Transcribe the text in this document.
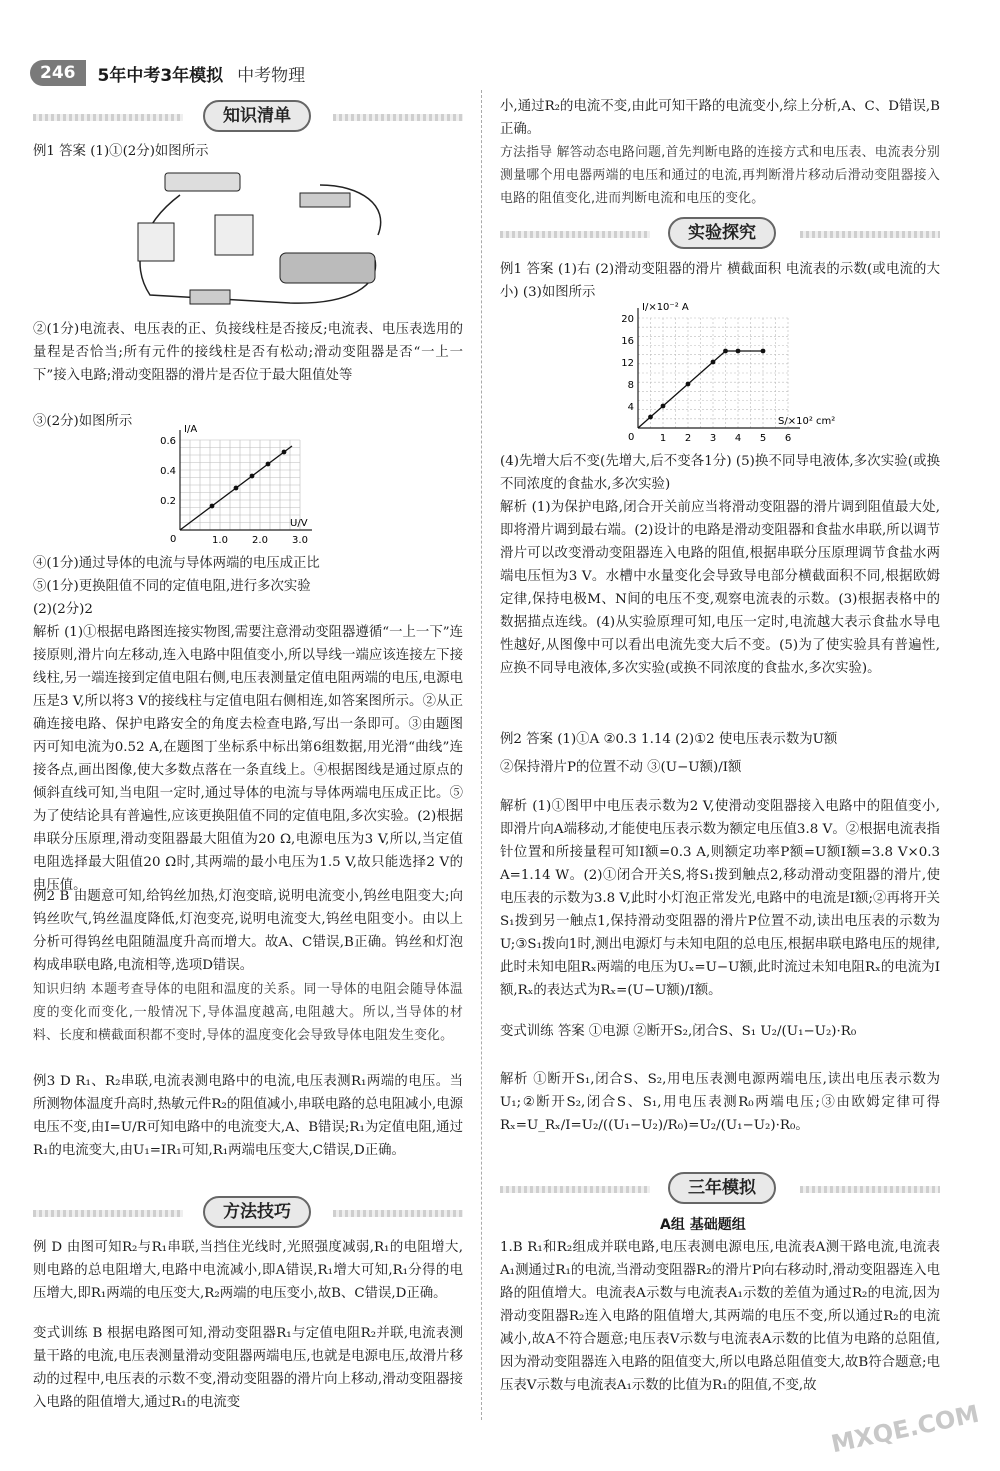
246	5年中考3年模拟 中考物理
知识清单

例1 答案 (1)①(2分)如图所示

②(1分)电流表、电压表的正、负接线柱是否接反;电流表、电压表选用的量程是否恰当;所有元件的接线柱是否有松动;滑动变阻器是否“一上一下”接入电路;滑动变阻器的滑片是否位于最大阻值处等

③(2分)如图所示

I/A
U/V
0
0.2
0.4
0.6
1.0 2.0 3.0

④(1分)通过导体的电流与导体两端的电压成正比

⑤(1分)更换阻值不同的定值电阻,进行多次实验

(2)(2分)2

解析 (1)①根据电路图连接实物图,需要注意滑动变阻器遵循“一上一下”连接原则,滑片向左移动,连入电路中阻值变小,所以导线一端应该连接左下接线柱,另一端连接到定值电阻右侧,电压表测量定值电阻两端的电压,电源电压是3 V,所以将3 V的接线柱与定值电阻右侧相连,如答案图所示。②从正确连接电路、保护电路安全的角度去检查电路,写出一条即可。③由题图丙可知电流为0.52 A,在题图丁坐标系中标出第6组数据,用光滑“曲线”连接各点,画出图像,使大多数点落在一条直线上。④根据图线是通过原点的倾斜直线可知,当电阻一定时,通过导体的电流与导体两端电压成正比。⑤为了使结论具有普遍性,应该更换阻值不同的定值电阻,多次实验。(2)根据串联分压原理,滑动变阻器最大阻值为20 Ω,电源电压为3 V,所以,当定值电阻选择最大阻值20 Ω时,其两端的最小电压为1.5 V,故只能选择2 V的电压值。

例2 B 由题意可知,给钨丝加热,灯泡变暗,说明电流变小,钨丝电阻变大;向钨丝吹气,钨丝温度降低,灯泡变亮,说明电流变大,钨丝电阻变小。由以上分析可得钨丝电阻随温度升高而增大。故A、C错误,B正确。钨丝和灯泡构成串联电路,电流相等,选项D错误。

知识归纳 本题考查导体的电阻和温度的关系。同一导体的电阻会随导体温度的变化而变化,一般情况下,导体温度越高,电阻越大。所以,当导体的材料、长度和横截面积都不变时,导体的温度变化会导致导体电阻发生变化。

例3 D R₁、R₂串联,电流表测电路中的电流,电压表测R₁两端的电压。当所测物体温度升高时,热敏元件R₂的阻值减小,串联电路的总电阻减小,电源电压不变,由I=U/R可知电路中的电流变大,A、B错误;R₁为定值电阻,通过R₁的电流变大,由U₁=IR₁可知,R₁两端电压变大,C错误,D正确。

方法技巧

例 D 由图可知R₂与R₁串联,当挡住光线时,光照强度减弱,R₁的电阻增大,则电路的总电阻增大,电路中电流减小,即A错误,R₁增大可知,R₁分得的电压增大,即R₁两端的电压变大,R₂两端的电压变小,故B、C错误,D正确。

变式训练 B 根据电路图可知,滑动变阻器R₁与定值电阻R₂并联,电流表测量干路的电流,电压表测量滑动变阻器两端电压,也就是电源电压,故滑片移动的过程中,电压表的示数不变,滑动变阻器的滑片向上移动,滑动变阻器接入电路的阻值增大,通过R₁的电流变

小,通过R₂的电流不变,由此可知干路的电流变小,综上分析,A、C、D错误,B正确。

方法指导 解答动态电路问题,首先判断电路的连接方式和电压表、电流表分别测量哪个用电器两端的电压和通过的电流,再判断滑片移动后滑动变阻器接入电路的阻值变化,进而判断电流和电压的变化。

实验探究

例1 答案 (1)右 (2)滑动变阻器的滑片 横截面积 电流表的示数(或电流的大小) (3)如图所示

I/×10⁻² A
S/×10² cm²
0
4
8
12
16
20
1 2 3 4 5 6

(4)先增大后不变(先增大,后不变各1分) (5)换不同导电液体,多次实验(或换不同浓度的食盐水,多次实验)

解析 (1)为保护电路,闭合开关前应当将滑动变阻器的滑片调到阻值最大处,即将滑片调到最右端。(2)设计的电路是滑动变阻器和食盐水串联,所以调节滑片可以改变滑动变阻器连入电路的阻值,根据串联分压原理调节食盐水两端电压恒为3 V。水槽中水量变化会导致导电部分横截面积不同,根据欧姆定律,保持电极M、N间的电压不变,观察电流表的示数。(3)根据表格中的数据描点连线。(4)从实验原理可知,电压一定时,电流越大表示食盐水导电性越好,从图像中可以看出电流先变大后不变。(5)为了使实验具有普遍性,应换不同导电液体,多次实验(或换不同浓度的食盐水,多次实验)。

例2 答案 (1)①A ②0.3 1.14 (2)①2 使电压表示数为U额

②保持滑片P的位置不动 ③(U−U额)/I额

解析 (1)①图甲中电压表示数为2 V,使滑动变阻器接入电路中的阻值变小,即滑片向A端移动,才能使电压表示数为额定电压值3.8 V。②根据电流表指针位置和所接量程可知I额=0.3 A,则额定功率P额=U额I额=3.8 V×0.3 A=1.14 W。(2)①闭合开关S,将S₁拨到触点2,移动滑动变阻器的滑片,使电压表的示数为3.8 V,此时小灯泡正常发光,电路中的电流是I额;②再将开关S₁拨到另一触点1,保持滑动变阻器的滑片P位置不动,读出电压表的示数为U;③S₁拨向1时,测出电源灯与未知电阻的总电压,根据串联电路电压的规律,此时未知电阻Rₓ两端的电压为Uₓ=U−U额,此时流过未知电阻Rₓ的电流为I额,Rₓ的表达式为Rₓ=(U−U额)/I额。

变式训练 答案 ①电源 ②断开S₂,闭合S、S₁ U₂/(U₁−U₂)·R₀

解析 ①断开S₁,闭合S、S₂,用电压表测电源两端电压,读出电压表示数为U₁;②断开S₂,闭合S、S₁,用电压表测R₀两端电压;③由欧姆定律可得Rₓ=U_Rₓ/I=U₂/((U₁−U₂)/R₀)=U₂/(U₁−U₂)·R₀。

三年模拟
A组 基础题组

1.B R₁和R₂组成并联电路,电压表测电源电压,电流表A测干路电流,电流表A₁测通过R₁的电流,当滑动变阻器R₂的滑片P向右移动时,滑动变阻器连入电路的阻值增大。电流表A示数与电流表A₁示数的差值为通过R₂的电流,因为滑动变阻器R₂连入电路的阻值增大,其两端的电压不变,所以通过R₂的电流减小,故A不符合题意;电压表V示数与电流表A示数的比值为电路的总阻值,因为滑动变阻器连入电路的阻值变大,所以电路总阻值变大,故B符合题意;电压表V示数与电流表A₁示数的比值为R₁的阻值,不变,故

MXQE.COM
